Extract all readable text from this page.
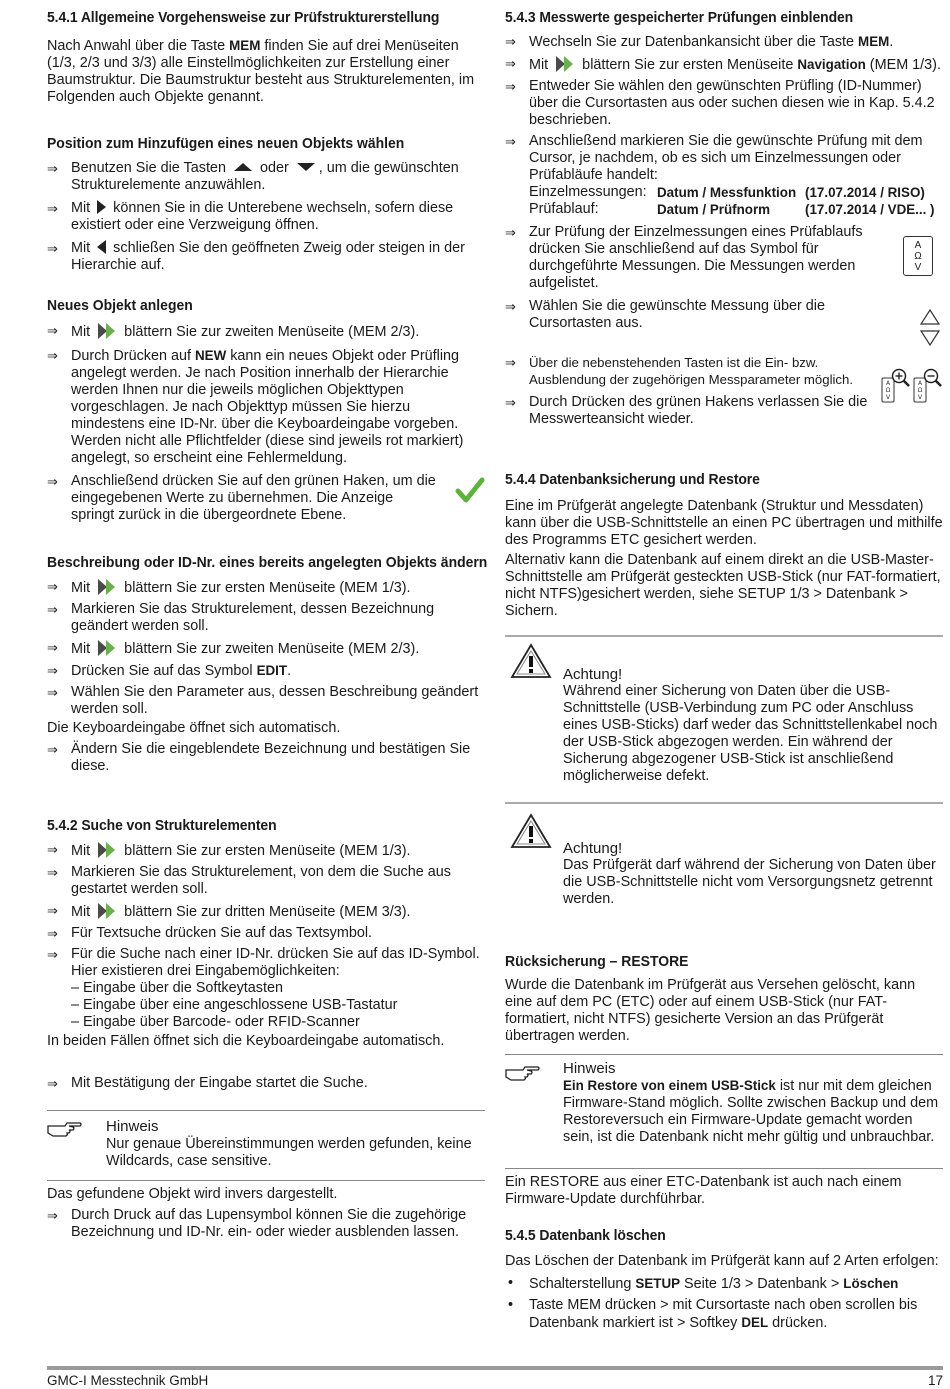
5.4.1 Allgemeine Vorgehensweise zur Prüfstrukturerstellung

Nach Anwahl über die Taste MEM finden Sie auf drei Menüseiten (1/3, 2/3 und 3/3) alle Einstellmöglichkeiten zur Erstellung einer Baumstruktur. Die Baumstruktur besteht aus Strukturelementen, im Folgenden auch Objekte genannt.

Position zum Hinzufügen eines neuen Objekts wählen

⇒ Benutzen Sie die Tasten  oder , um die gewünschten Strukturelemente anzuwählen.

⇒ Mit  können Sie in die Unterebene wechseln, sofern diese existiert oder eine Verzweigung öffnen.

⇒ Mit  schließen Sie den geöffneten Zweig oder steigen in der Hierarchie auf.

Neues Objekt anlegen

⇒ Mit  blättern Sie zur zweiten Menüseite (MEM 2/3).

⇒ Durch Drücken auf NEW kann ein neues Objekt oder Prüfling angelegt werden. Je nach Position innerhalb der Hierarchie werden Ihnen nur die jeweils möglichen Objekttypen vorgeschlagen. Je nach Objekttyp müssen Sie hierzu mindestens eine ID-Nr. über die Keyboardeingabe vorgeben. Werden nicht alle Pflichtfelder (diese sind jeweils rot markiert) angelegt, so erscheint eine Fehlermeldung.

⇒ Anschließend drücken Sie auf den grünen Haken, um die eingegebenen Werte zu übernehmen. Die Anzeige springt zurück in die übergeordnete Ebene.

Beschreibung oder ID-Nr. eines bereits angelegten Objekts ändern

⇒ Mit  blättern Sie zur ersten Menüseite (MEM 1/3).

⇒ Markieren Sie das Strukturelement, dessen Bezeichnung geändert werden soll.

⇒ Mit  blättern Sie zur zweiten Menüseite (MEM 2/3).

⇒ Drücken Sie auf das Symbol EDIT.

⇒ Wählen Sie den Parameter aus, dessen Beschreibung geändert werden soll.

Die Keyboardeingabe öffnet sich automatisch.

⇒ Ändern Sie die eingeblendete Bezeichnung und bestätigen Sie diese.

5.4.2 Suche von Strukturelementen

⇒ Mit  blättern Sie zur ersten Menüseite (MEM 1/3).

⇒ Markieren Sie das Strukturelement, von dem die Suche aus gestartet werden soll.

⇒ Mit  blättern Sie zur dritten Menüseite (MEM 3/3).

⇒ Für Textsuche drücken Sie auf das Textsymbol.

⇒ Für die Suche nach einer ID-Nr. drücken Sie auf das ID-Symbol. Hier existieren drei Eingabemöglichkeiten:
– Eingabe über die Softkeytasten
– Eingabe über eine angeschlossene USB-Tastatur
– Eingabe über Barcode- oder RFID-Scanner

In beiden Fällen öffnet sich die Keyboardeingabe automatisch.

⇒ Mit Bestätigung der Eingabe startet die Suche.

Hinweis

Nur genaue Übereinstimmungen werden gefunden, keine Wildcards, case sensitive.

Das gefundene Objekt wird invers dargestellt.

⇒ Durch Druck auf das Lupensymbol können Sie die zugehörige Bezeichnung und ID-Nr. ein- oder wieder ausblenden lassen.

5.4.3 Messwerte gespeicherter Prüfungen einblenden

⇒ Wechseln Sie zur Datenbankansicht über die Taste MEM.

⇒ Mit  blättern Sie zur ersten Menüseite Navigation (MEM 1/3).

⇒ Entweder Sie wählen den gewünschten Prüfling (ID-Nummer) über die Cursortasten aus oder suchen diesen wie in Kap. 5.4.2 beschrieben.

⇒ Anschließend markieren Sie die gewünschte Prüfung mit dem Cursor, je nachdem, ob es sich um Einzelmessungen oder Prüfabläufe handelt:

Einzelmessungen: Datum / Messfunktion (17.07.2014 / RISO)
Prüfablauf:	Datum / Prüfnorm	(17.07.2014 / VDE... )

⇒ Zur Prüfung der Einzelmessungen eines Prüfablaufs drücken Sie anschließend auf das Symbol für durchgeführte Messungen. Die Messungen werden aufgelistet.

⇒ Wählen Sie die gewünschte Messung über die Cursortasten aus.

⇒ Über die nebenstehenden Tasten ist die Ein- bzw. Ausblendung der zugehörigen Messparameter möglich.

⇒ Durch Drücken des grünen Hakens verlassen Sie die Messwerteansicht wieder.

A
Ω
V
A
Ω
V
A
Ω
V
5.4.4 Datenbanksicherung und Restore

Eine im Prüfgerät angelegte Datenbank (Struktur und Messdaten) kann über die USB-Schnittstelle an einen PC übertragen und mithilfe des Programms ETC gesichert werden.

Alternativ kann die Datenbank auf einem direkt an die USB-Master-Schnittstelle am Prüfgerät gesteckten USB-Stick (nur FAT-formatiert, nicht NTFS)gesichert werden, siehe SETUP 1/3 > Datenbank > Sichern.

Achtung!

Während einer Sicherung von Daten über die USB-Schnittstelle (USB-Verbindung zum PC oder Anschluss eines USB-Sticks) darf weder das Schnittstellenkabel noch der USB-Stick abgezogen werden. Ein während der Sicherung abgezogener USB-Stick ist anschließend möglicherweise defekt.

Achtung!

Das Prüfgerät darf während der Sicherung von Daten über die USB-Schnittstelle nicht vom Versorgungsnetz getrennt werden.

Rücksicherung – RESTORE

Wurde die Datenbank im Prüfgerät aus Versehen gelöscht, kann eine auf dem PC (ETC) oder auf einem USB-Stick (nur FAT-formatiert, nicht NTFS) gesicherte Version an das Prüfgerät übertragen werden.

Hinweis

Ein Restore von einem USB-Stick ist nur mit dem gleichen Firmware-Stand möglich. Sollte zwischen Backup und dem Restoreversuch ein Firmware-Update gemacht worden sein, ist die Datenbank nicht mehr gültig und unbrauchbar.

Ein RESTORE aus einer ETC-Datenbank ist auch nach einem Firmware-Update durchführbar.

5.4.5 Datenbank löschen

Das Löschen der Datenbank im Prüfgerät kann auf 2 Arten erfolgen:

• Schalterstellung SETUP Seite 1/3 > Datenbank > Löschen

• Taste MEM drücken > mit Cursortaste nach oben scrollen bis Datenbank markiert ist > Softkey DEL drücken.

GMC-I Messtechnik GmbH	17
